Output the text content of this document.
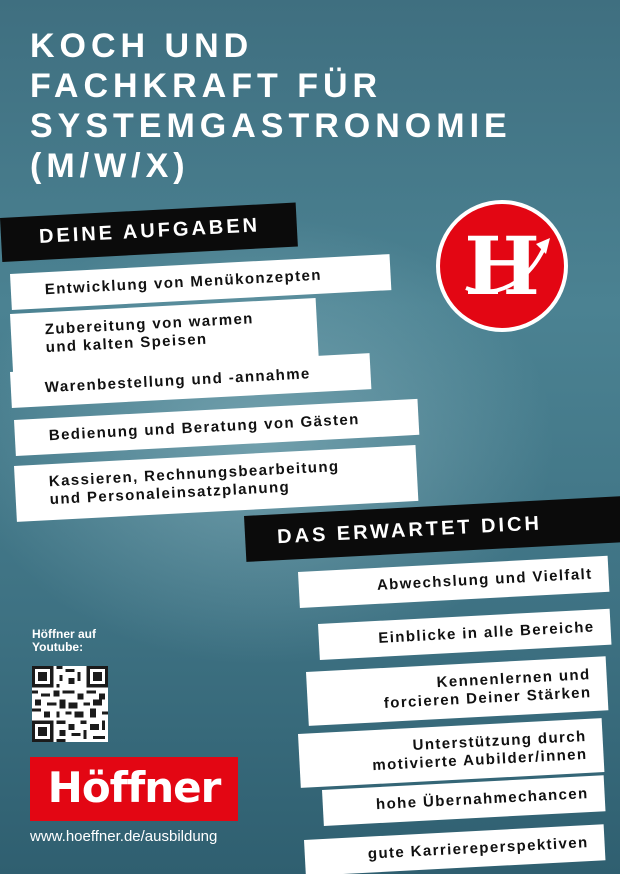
KOCH UND
FACHKRAFT FÜR
SYSTEMGASTRONOMIE
(M/W/X)
H
DEINE AUFGABEN
Entwicklung von Menükonzepten
Zubereitung von warmen
und kalten Speisen
Warenbestellung und -annahme
Bedienung und Beratung von Gästen
Kassieren, Rechnungsbearbeitung
und Personaleinsatzplanung
DAS ERWARTET DICH
Abwechslung und Vielfalt
Einblicke in alle Bereiche
Kennenlernen und
forcieren Deiner Stärken
Unterstützung durch
motivierte Aubilder/innen
hohe Übernahmechancen
gute Karriereperspektiven
Höffner auf
Youtube:
Höffner
www.hoeffner.de/ausbildung
